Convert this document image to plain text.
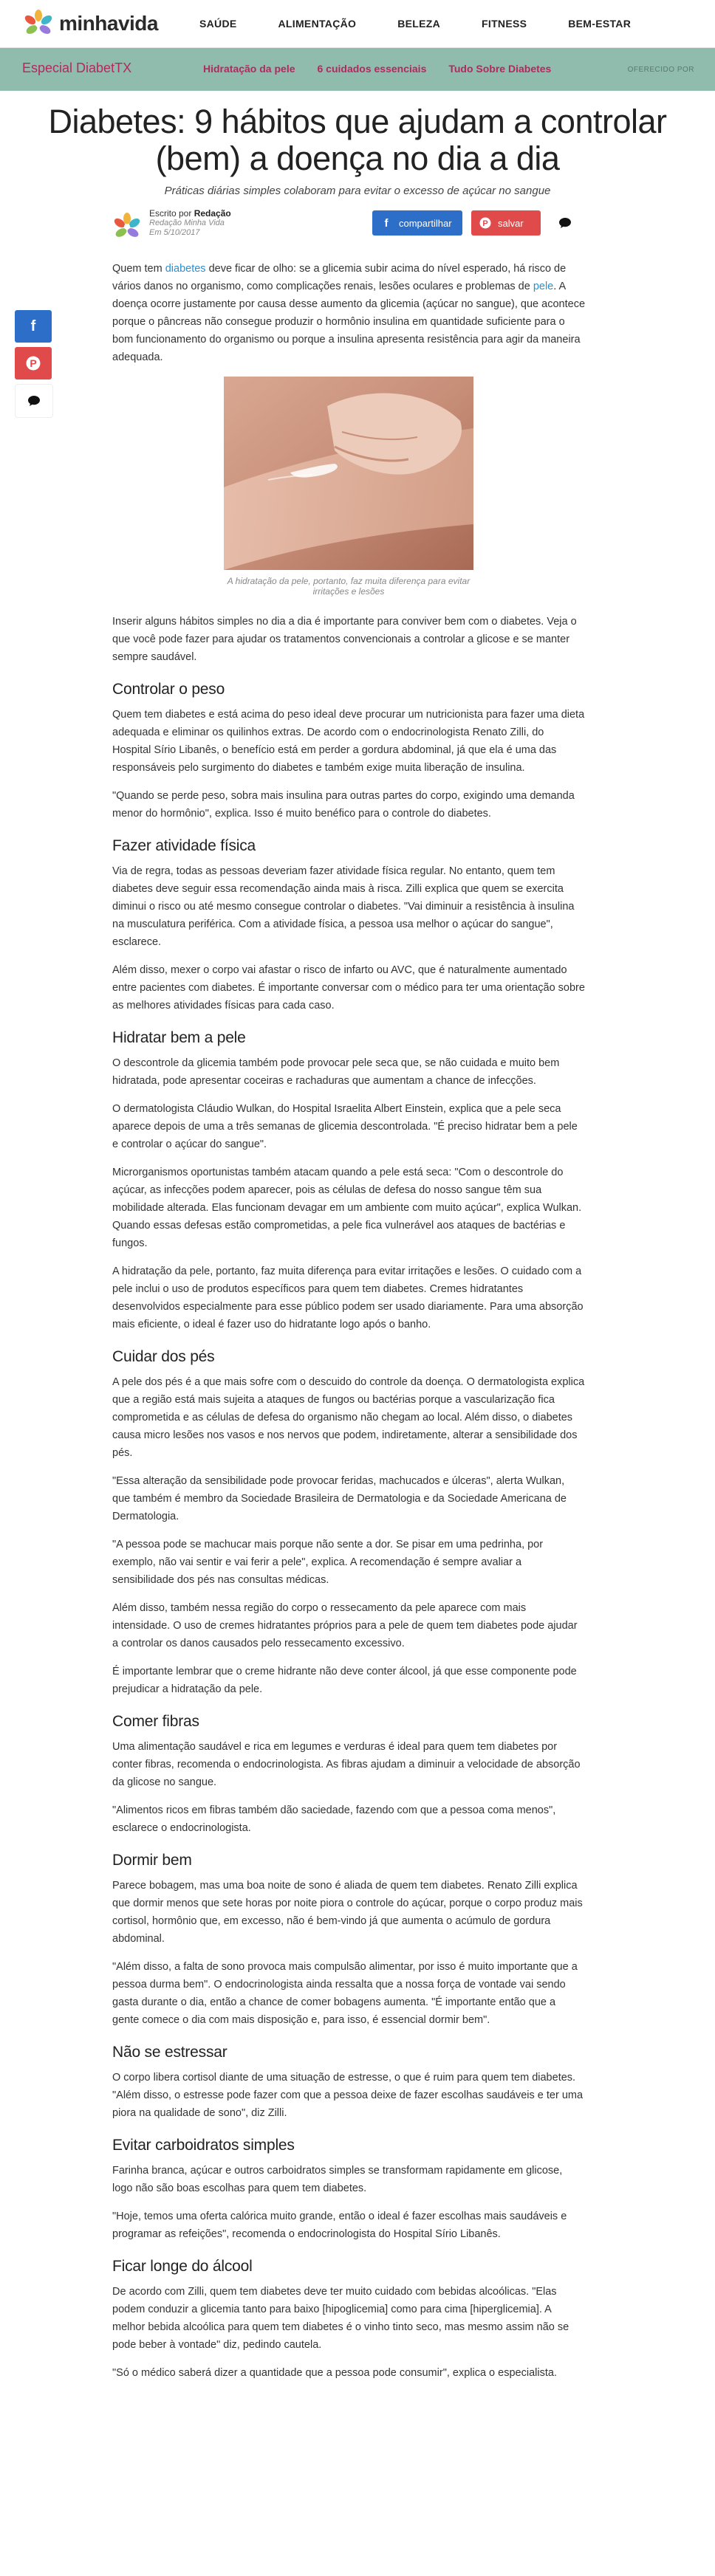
minhavida	SAÚDE	ALIMENTAÇÃO	BELEZA	FITNESS	BEM-ESTAR
Especial DiabetTX	Hidratação da pele 6 cuidados essenciais Tudo Sobre Diabetes	OFERECIDO POR
Diabetes: 9 hábitos que ajudam a controlar (bem) a doença no dia a dia
Práticas diárias simples colaboram para evitar o excesso de açúcar no sangue
Escrito por Redação
Redação Minha Vida
Em 5/10/2017
f	compartilhar	P salvar
f
P

Quem tem diabetes deve ficar de olho: se a glicemia subir acima do nível esperado, há risco de vários danos no organismo, como complicações renais, lesões oculares e problemas de pele. A doença ocorre justamente por causa desse aumento da glicemia (açúcar no sangue), que acontece porque o pâncreas não consegue produzir o hormônio insulina em quantidade suficiente para o bom funcionamento do organismo ou porque a insulina apresenta resistência para agir da maneira adequada.

A hidratação da pele, portanto, faz muita diferença para evitar irritações e lesões

Inserir alguns hábitos simples no dia a dia é importante para conviver bem com o diabetes. Veja o que você pode fazer para ajudar os tratamentos convencionais a controlar a glicose e se manter sempre saudável.

Controlar o peso

Quem tem diabetes e está acima do peso ideal deve procurar um nutricionista para fazer uma dieta adequada e eliminar os quilinhos extras. De acordo com o endocrinologista Renato Zilli, do Hospital Sírio Libanês, o benefício está em perder a gordura abdominal, já que ela é uma das responsáveis pelo surgimento do diabetes e também exige muita liberação de insulina.

"Quando se perde peso, sobra mais insulina para outras partes do corpo, exigindo uma demanda menor do hormônio", explica. Isso é muito benéfico para o controle do diabetes.

Fazer atividade física

Via de regra, todas as pessoas deveriam fazer atividade física regular. No entanto, quem tem diabetes deve seguir essa recomendação ainda mais à risca. Zilli explica que quem se exercita diminui o risco ou até mesmo consegue controlar o diabetes. "Vai diminuir a resistência à insulina na musculatura periférica. Com a atividade física, a pessoa usa melhor o açúcar do sangue", esclarece.

Além disso, mexer o corpo vai afastar o risco de infarto ou AVC, que é naturalmente aumentado entre pacientes com diabetes. É importante conversar com o médico para ter uma orientação sobre as melhores atividades físicas para cada caso.

Hidratar bem a pele

O descontrole da glicemia também pode provocar pele seca que, se não cuidada e muito bem hidratada, pode apresentar coceiras e rachaduras que aumentam a chance de infecções.

O dermatologista Cláudio Wulkan, do Hospital Israelita Albert Einstein, explica que a pele seca aparece depois de uma a três semanas de glicemia descontrolada. "É preciso hidratar bem a pele e controlar o açúcar do sangue".

Microrganismos oportunistas também atacam quando a pele está seca: "Com o descontrole do açúcar, as infecções podem aparecer, pois as células de defesa do nosso sangue têm sua mobilidade alterada. Elas funcionam devagar em um ambiente com muito açúcar", explica Wulkan. Quando essas defesas estão comprometidas, a pele fica vulnerável aos ataques de bactérias e fungos.

A hidratação da pele, portanto, faz muita diferença para evitar irritações e lesões. O cuidado com a pele inclui o uso de produtos específicos para quem tem diabetes. Cremes hidratantes desenvolvidos especialmente para esse público podem ser usado diariamente. Para uma absorção mais eficiente, o ideal é fazer uso do hidratante logo após o banho.

Cuidar dos pés

A pele dos pés é a que mais sofre com o descuido do controle da doença. O dermatologista explica que a região está mais sujeita a ataques de fungos ou bactérias porque a vascularização fica comprometida e as células de defesa do organismo não chegam ao local. Além disso, o diabetes causa micro lesões nos vasos e nos nervos que podem, indiretamente, alterar a sensibilidade dos pés.

"Essa alteração da sensibilidade pode provocar feridas, machucados e úlceras", alerta Wulkan, que também é membro da Sociedade Brasileira de Dermatologia e da Sociedade Americana de Dermatologia.

"A pessoa pode se machucar mais porque não sente a dor. Se pisar em uma pedrinha, por exemplo, não vai sentir e vai ferir a pele", explica. A recomendação é sempre avaliar a sensibilidade dos pés nas consultas médicas.

Além disso, também nessa região do corpo o ressecamento da pele aparece com mais intensidade. O uso de cremes hidratantes próprios para a pele de quem tem diabetes pode ajudar a controlar os danos causados pelo ressecamento excessivo.

É importante lembrar que o creme hidrante não deve conter álcool, já que esse componente pode prejudicar a hidratação da pele.

Comer fibras

Uma alimentação saudável e rica em legumes e verduras é ideal para quem tem diabetes por conter fibras, recomenda o endocrinologista. As fibras ajudam a diminuir a velocidade de absorção da glicose no sangue.

"Alimentos ricos em fibras também dão saciedade, fazendo com que a pessoa coma menos", esclarece o endocrinologista.

Dormir bem

Parece bobagem, mas uma boa noite de sono é aliada de quem tem diabetes. Renato Zilli explica que dormir menos que sete horas por noite piora o controle do açúcar, porque o corpo produz mais cortisol, hormônio que, em excesso, não é bem-vindo já que aumenta o acúmulo de gordura abdominal.

"Além disso, a falta de sono provoca mais compulsão alimentar, por isso é muito importante que a pessoa durma bem". O endocrinologista ainda ressalta que a nossa força de vontade vai sendo gasta durante o dia, então a chance de comer bobagens aumenta. "É importante então que a gente comece o dia com mais disposição e, para isso, é essencial dormir bem".

Não se estressar

O corpo libera cortisol diante de uma situação de estresse, o que é ruim para quem tem diabetes. "Além disso, o estresse pode fazer com que a pessoa deixe de fazer escolhas saudáveis e ter uma piora na qualidade de sono", diz Zilli.

Evitar carboidratos simples

Farinha branca, açúcar e outros carboidratos simples se transformam rapidamente em glicose, logo não são boas escolhas para quem tem diabetes.

"Hoje, temos uma oferta calórica muito grande, então o ideal é fazer escolhas mais saudáveis e programar as refeições", recomenda o endocrinologista do Hospital Sírio Libanês.

Ficar longe do álcool

De acordo com Zilli, quem tem diabetes deve ter muito cuidado com bebidas alcoólicas. "Elas podem conduzir a glicemia tanto para baixo [hipoglicemia] como para cima [hiperglicemia]. A melhor bebida alcoólica para quem tem diabetes é o vinho tinto seco, mas mesmo assim não se pode beber à vontade" diz, pedindo cautela.

"Só o médico saberá dizer a quantidade que a pessoa pode consumir", explica o especialista.
